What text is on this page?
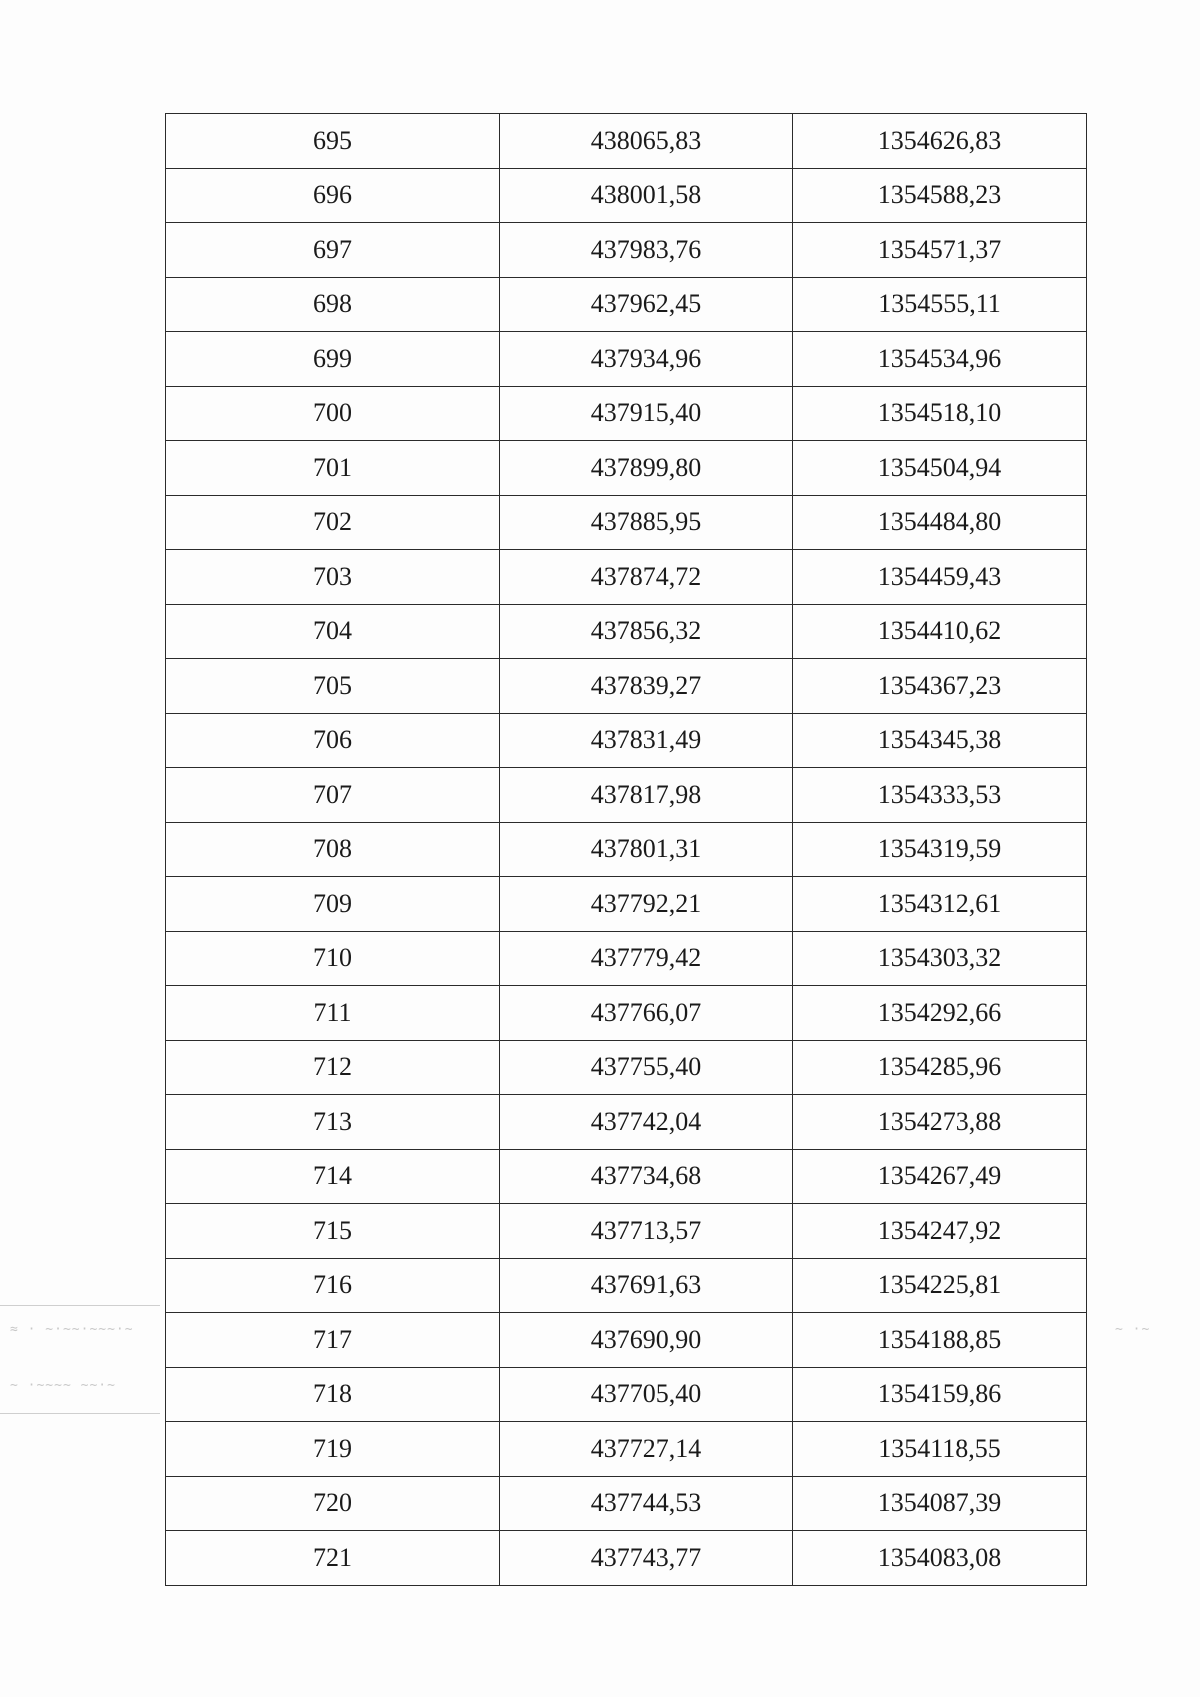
≈ · ~·~~·~~~·~
~ ·~~~~ ~~·~
~ ·~
695	438065,83	1354626,83
696	438001,58	1354588,23
697	437983,76	1354571,37
698	437962,45	1354555,11
699	437934,96	1354534,96
700	437915,40	1354518,10
701	437899,80	1354504,94
702	437885,95	1354484,80
703	437874,72	1354459,43
704	437856,32	1354410,62
705	437839,27	1354367,23
706	437831,49	1354345,38
707	437817,98	1354333,53
708	437801,31	1354319,59
709	437792,21	1354312,61
710	437779,42	1354303,32
711	437766,07	1354292,66
712	437755,40	1354285,96
713	437742,04	1354273,88
714	437734,68	1354267,49
715	437713,57	1354247,92
716	437691,63	1354225,81
717	437690,90	1354188,85
718	437705,40	1354159,86
719	437727,14	1354118,55
720	437744,53	1354087,39
721	437743,77	1354083,08
